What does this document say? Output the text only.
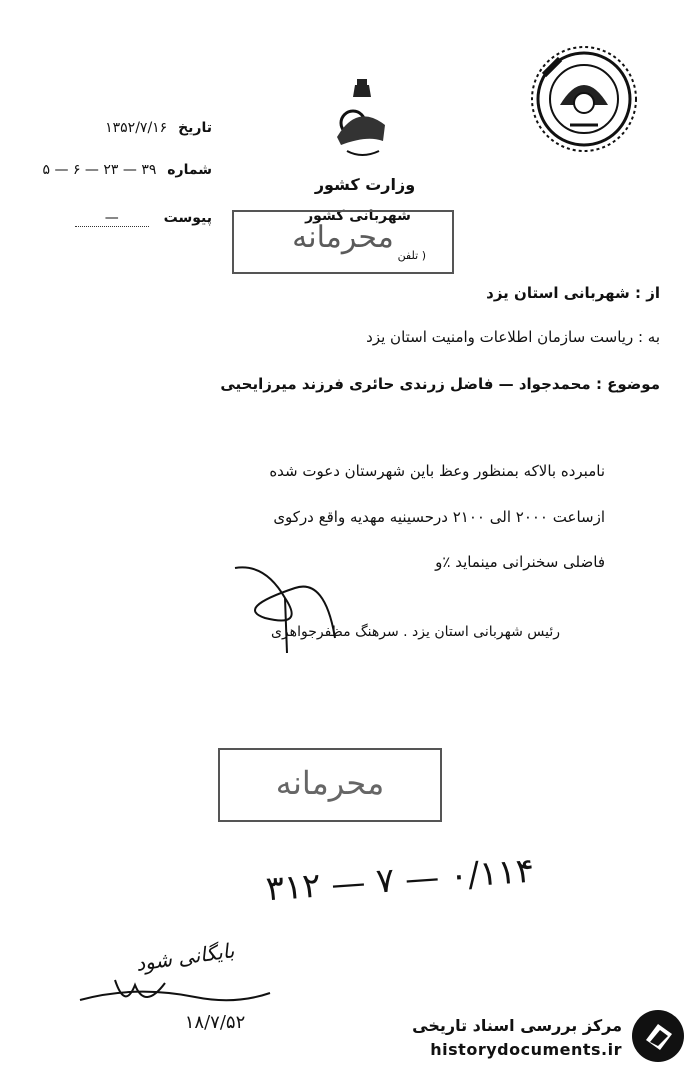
تاریخ ۱۳۵۲/۷/۱۶
شماره ۳۹ — ۲۳ — ۶ — ۵
پیوست —
وزارت کشور
شهربانی کشور
محرمانه
( تلفن
از : شهربانی استان یزد
به : ریاست سازمان اطلاعات وامنیت استان یزد
موضوع : محمدجواد — فاضل زرندی حائری فرزند میرزایحیی
نامبرده بالاکه بمنظور وعظ باین شهرستان دعوت شده
ازساعت ۲۰۰۰ الی ۲۱۰۰ درحسینیه مهدیه واقع درکوی
فاضلی سخنرانی مینماید ٪و
رئیس شهربانی استان یزد . سرهنگ مظفرجواهری
محرمانه
۳۱۲ — ۷ — ۰/۱۱۴
بایگانی شود
۱۸/۷/۵۲	مرکز بررسی اسناد تاریخی
historydocuments.ir
